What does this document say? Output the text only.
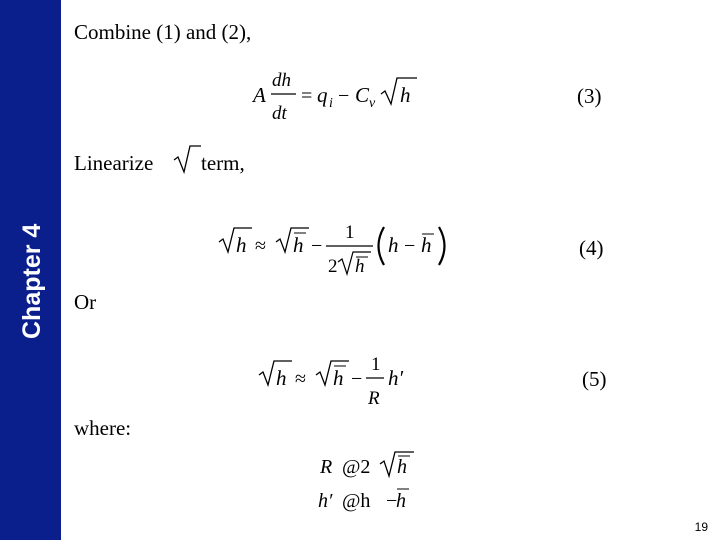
Chapter 4
Combine (1) and (2),
A
dh
dt
= q i − C v h	(3)
Linearize term,
h ≈ h −
1
2 h
h − h	(4)
Or
h ≈ h −
1
R
h′	(5)
where:
R @2 h
h′ @h −
h
19
